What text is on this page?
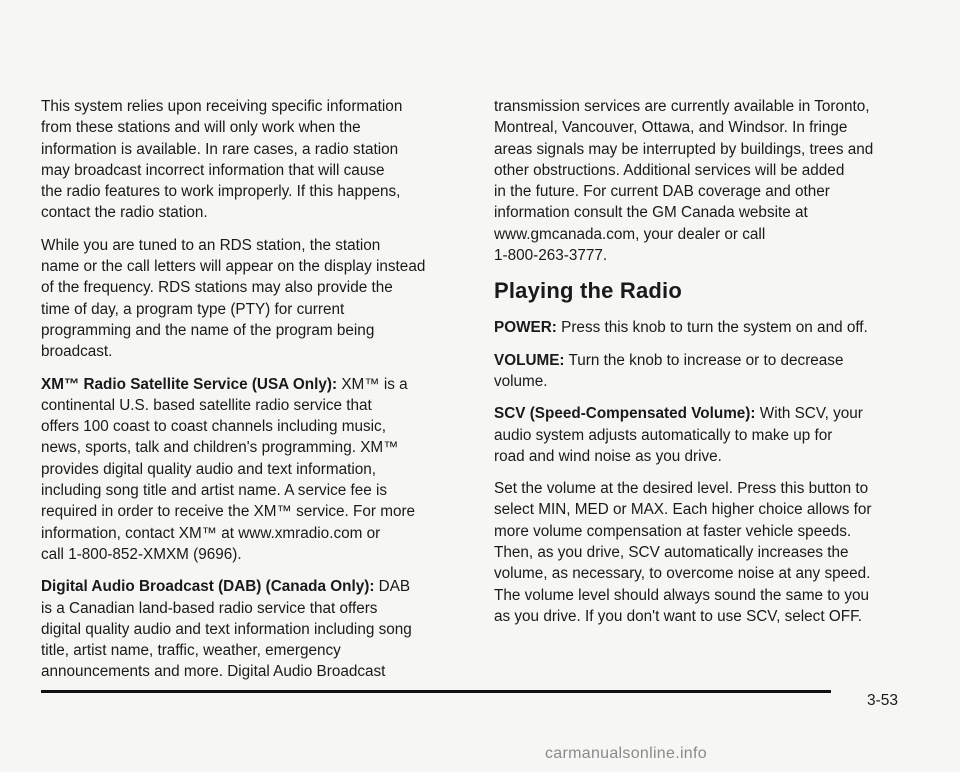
This system relies upon receiving specific information
from these stations and will only work when the
information is available. In rare cases, a radio station
may broadcast incorrect information that will cause
the radio features to work improperly. If this happens,
contact the radio station.

While you are tuned to an RDS station, the station
name or the call letters will appear on the display instead
of the frequency. RDS stations may also provide the
time of day, a program type (PTY) for current
programming and the name of the program being
broadcast.

XM™ Radio Satellite Service (USA Only): XM™ is a
continental U.S. based satellite radio service that
offers 100 coast to coast channels including music,
news, sports, talk and children's programming. XM™
provides digital quality audio and text information,
including song title and artist name. A service fee is
required in order to receive the XM™ service. For more
information, contact XM™ at www.xmradio.com or
call 1-800-852-XMXM (9696).

Digital Audio Broadcast (DAB) (Canada Only): DAB
is a Canadian land-based radio service that offers
digital quality audio and text information including song
title, artist name, traffic, weather, emergency
announcements and more. Digital Audio Broadcast

transmission services are currently available in Toronto,
Montreal, Vancouver, Ottawa, and Windsor. In fringe
areas signals may be interrupted by buildings, trees and
other obstructions. Additional services will be added
in the future. For current DAB coverage and other
information consult the GM Canada website at
www.gmcanada.com, your dealer or call
1-800-263-3777.

Playing the Radio

POWER: Press this knob to turn the system on and off.

VOLUME: Turn the knob to increase or to decrease
volume.

SCV (Speed-Compensated Volume): With SCV, your
audio system adjusts automatically to make up for
road and wind noise as you drive.

Set the volume at the desired level. Press this button to
select MIN, MED or MAX. Each higher choice allows for
more volume compensation at faster vehicle speeds.
Then, as you drive, SCV automatically increases the
volume, as necessary, to overcome noise at any speed.
The volume level should always sound the same to you
as you drive. If you don't want to use SCV, select OFF.

3-53
carmanualsonline.info
